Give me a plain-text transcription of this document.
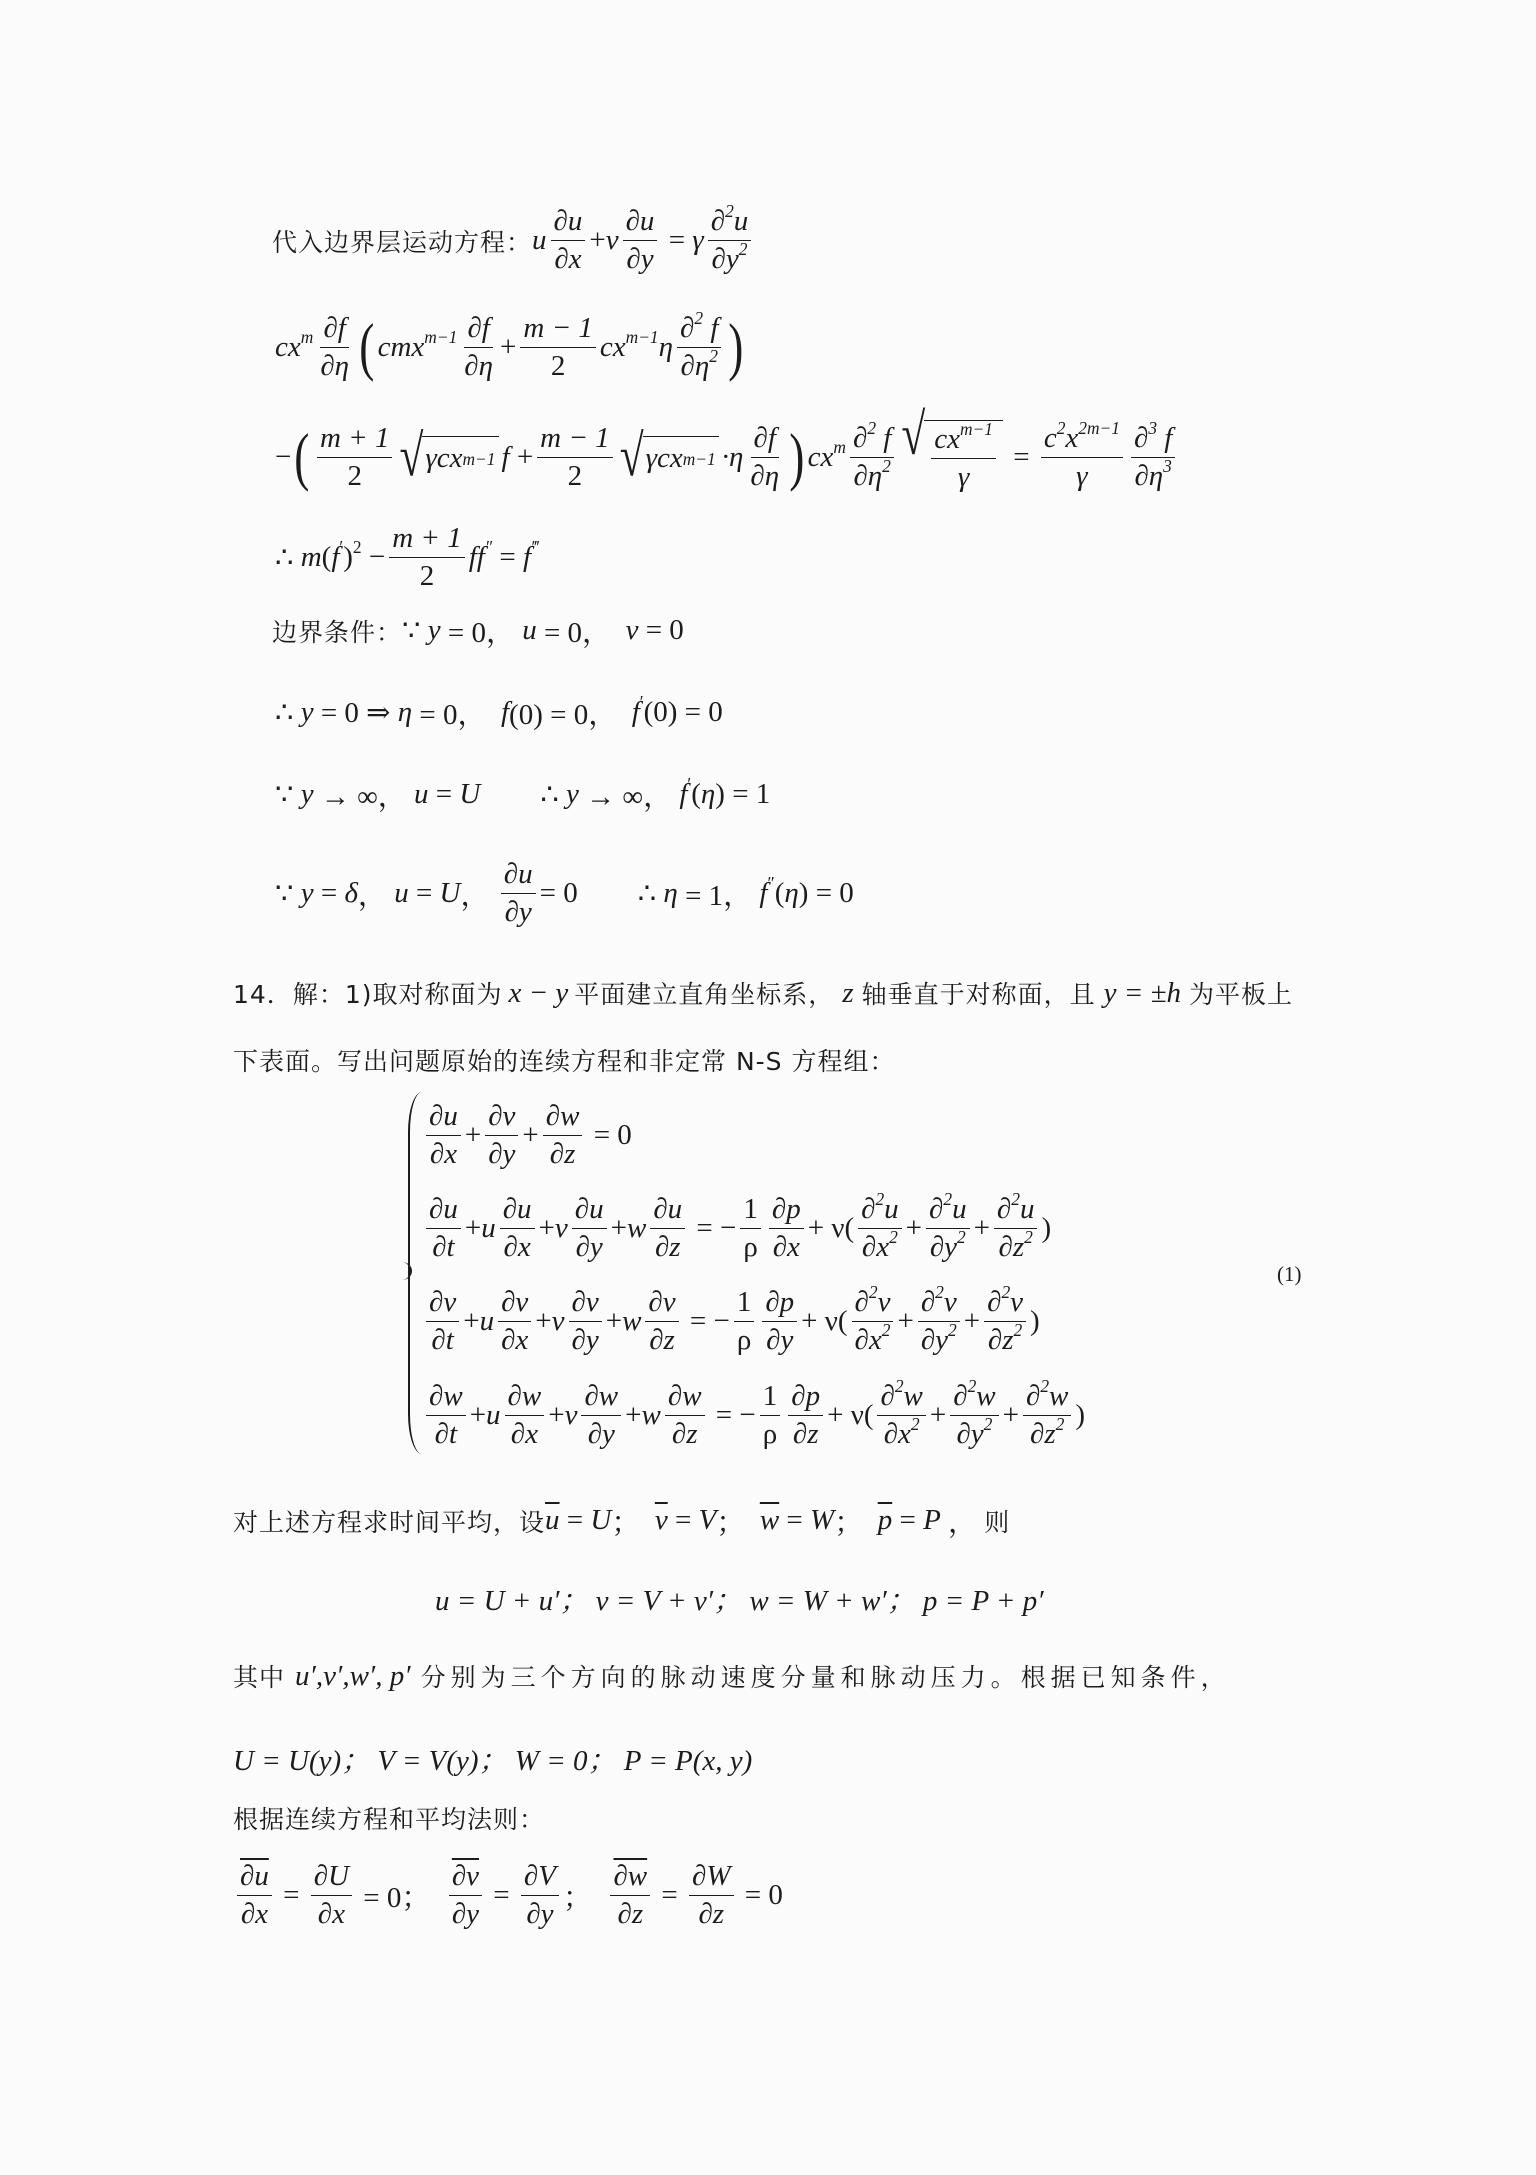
代入边界层运动方程： u $\frac{\partial u}{\partial x} + v \frac{\partial u}{\partial y} = \gamma \frac{\partial^2u}{\partial y^2}$
$cx^m \frac{\partial f}{\partial\eta}$ ( $cmx^{m-1} \frac{\partial f}{\partial\eta} + \frac{m - 1}{2} cx^{m-1}\eta \frac{\partial^2 f}{\partial\eta^2}$ )
− ( $\frac{m + 1}{2}$ √ γcx m−1 $f + \frac{m - 1}{2}$ √ γcx $m-1 \cdot\eta \frac{\partial f}{\partial\eta}$ ) $cx^m \frac{\partial^2 f}{\partial\eta^2}$ √ $\frac{cx^{m-1}}{\gamma} = \frac{c^2x^{2m-1}}{\gamma} \frac{\partial^3 f}{\partial\eta^3}$
∴ m ( f $')^2 - \frac{m + 1}{2} ff'' = f^‴$
边界条件： ∵ y = 0， u = 0， v = 0
∴ y = 0 ⇒ η = 0， f (0) = 0， f ′(0) = 0
∵ y → ∞， u = U ∴ y → ∞， f ′( η ) = 1
∵ y = δ ， u = U ， $\frac{\partial u}{\partial y} = 0$ ∴ η = 1， f ″( η ) = 0
14． 解：1)取对称面为 x − y 平面建立直角坐标系， z 轴垂直于对称面，且 y = ±h 为平板上
下表面。写出问题原始的连续方程和非定常 N-S 方程组：
$\frac{\partial u}{\partial x} + \frac{\partial v}{\partial y} + \frac{\partial w}{\partial z} = 0$
$\frac{\partial u}{\partial t} + u \frac{\partial u}{\partial x} + v \frac{\partial u}{\partial y} + w \frac{\partial u}{\partial z}$ = − $\frac{1}{\rho} \frac{\partial p}{\partial x} + \nu( \frac{\partial^2u}{\partial x^2} + \frac{\partial^2u}{\partial y^2} + \frac{\partial^2u}{\partial z^2}$ )
$\frac{\partial v}{\partial t} + u \frac{\partial v}{\partial x} + v \frac{\partial v}{\partial y} + w \frac{\partial v}{\partial z}$ = − $\frac{1}{\rho} \frac{\partial p}{\partial y} + \nu( \frac{\partial^2v}{\partial x^2} + \frac{\partial^2v}{\partial y^2} + \frac{\partial^2v}{\partial z^2}$ )
$\frac{\partial w}{\partial t} + u \frac{\partial w}{\partial x} + v \frac{\partial w}{\partial y} + w \frac{\partial w}{\partial z}$ = − $\frac{1}{\rho} \frac{\partial p}{\partial z} + \nu( \frac{\partial^2w}{\partial x^2} + \frac{\partial^2w}{\partial y^2} + \frac{\partial^2w}{\partial z^2}$ )
(1)
对上述方程求时间平均，设 $\overline{u} = U$ ； $\overline{v} = V$ ； $\overline{w} = W$ ； $\overline{p} = P$ ， 则
u = U + u′； v = V + v′； w = W + w′； p = P + p′
其中 u′,v′,w′, p′ 分别为三个方向的脉动速度分量和脉动压力。根据已知条件，
U = U(y)； V = V(y)； W = 0； P = P(x, y)
根据连续方程和平均法则：
$\frac{\partial u}{\partial x} = \frac{\partial U}{\partial x} = 0$； $\frac{\partial v}{\partial y} = \frac{\partial V}{\partial y}$ ； $\frac{\partial w}{\partial z} = \frac{\partial W}{\partial z} = 0$
